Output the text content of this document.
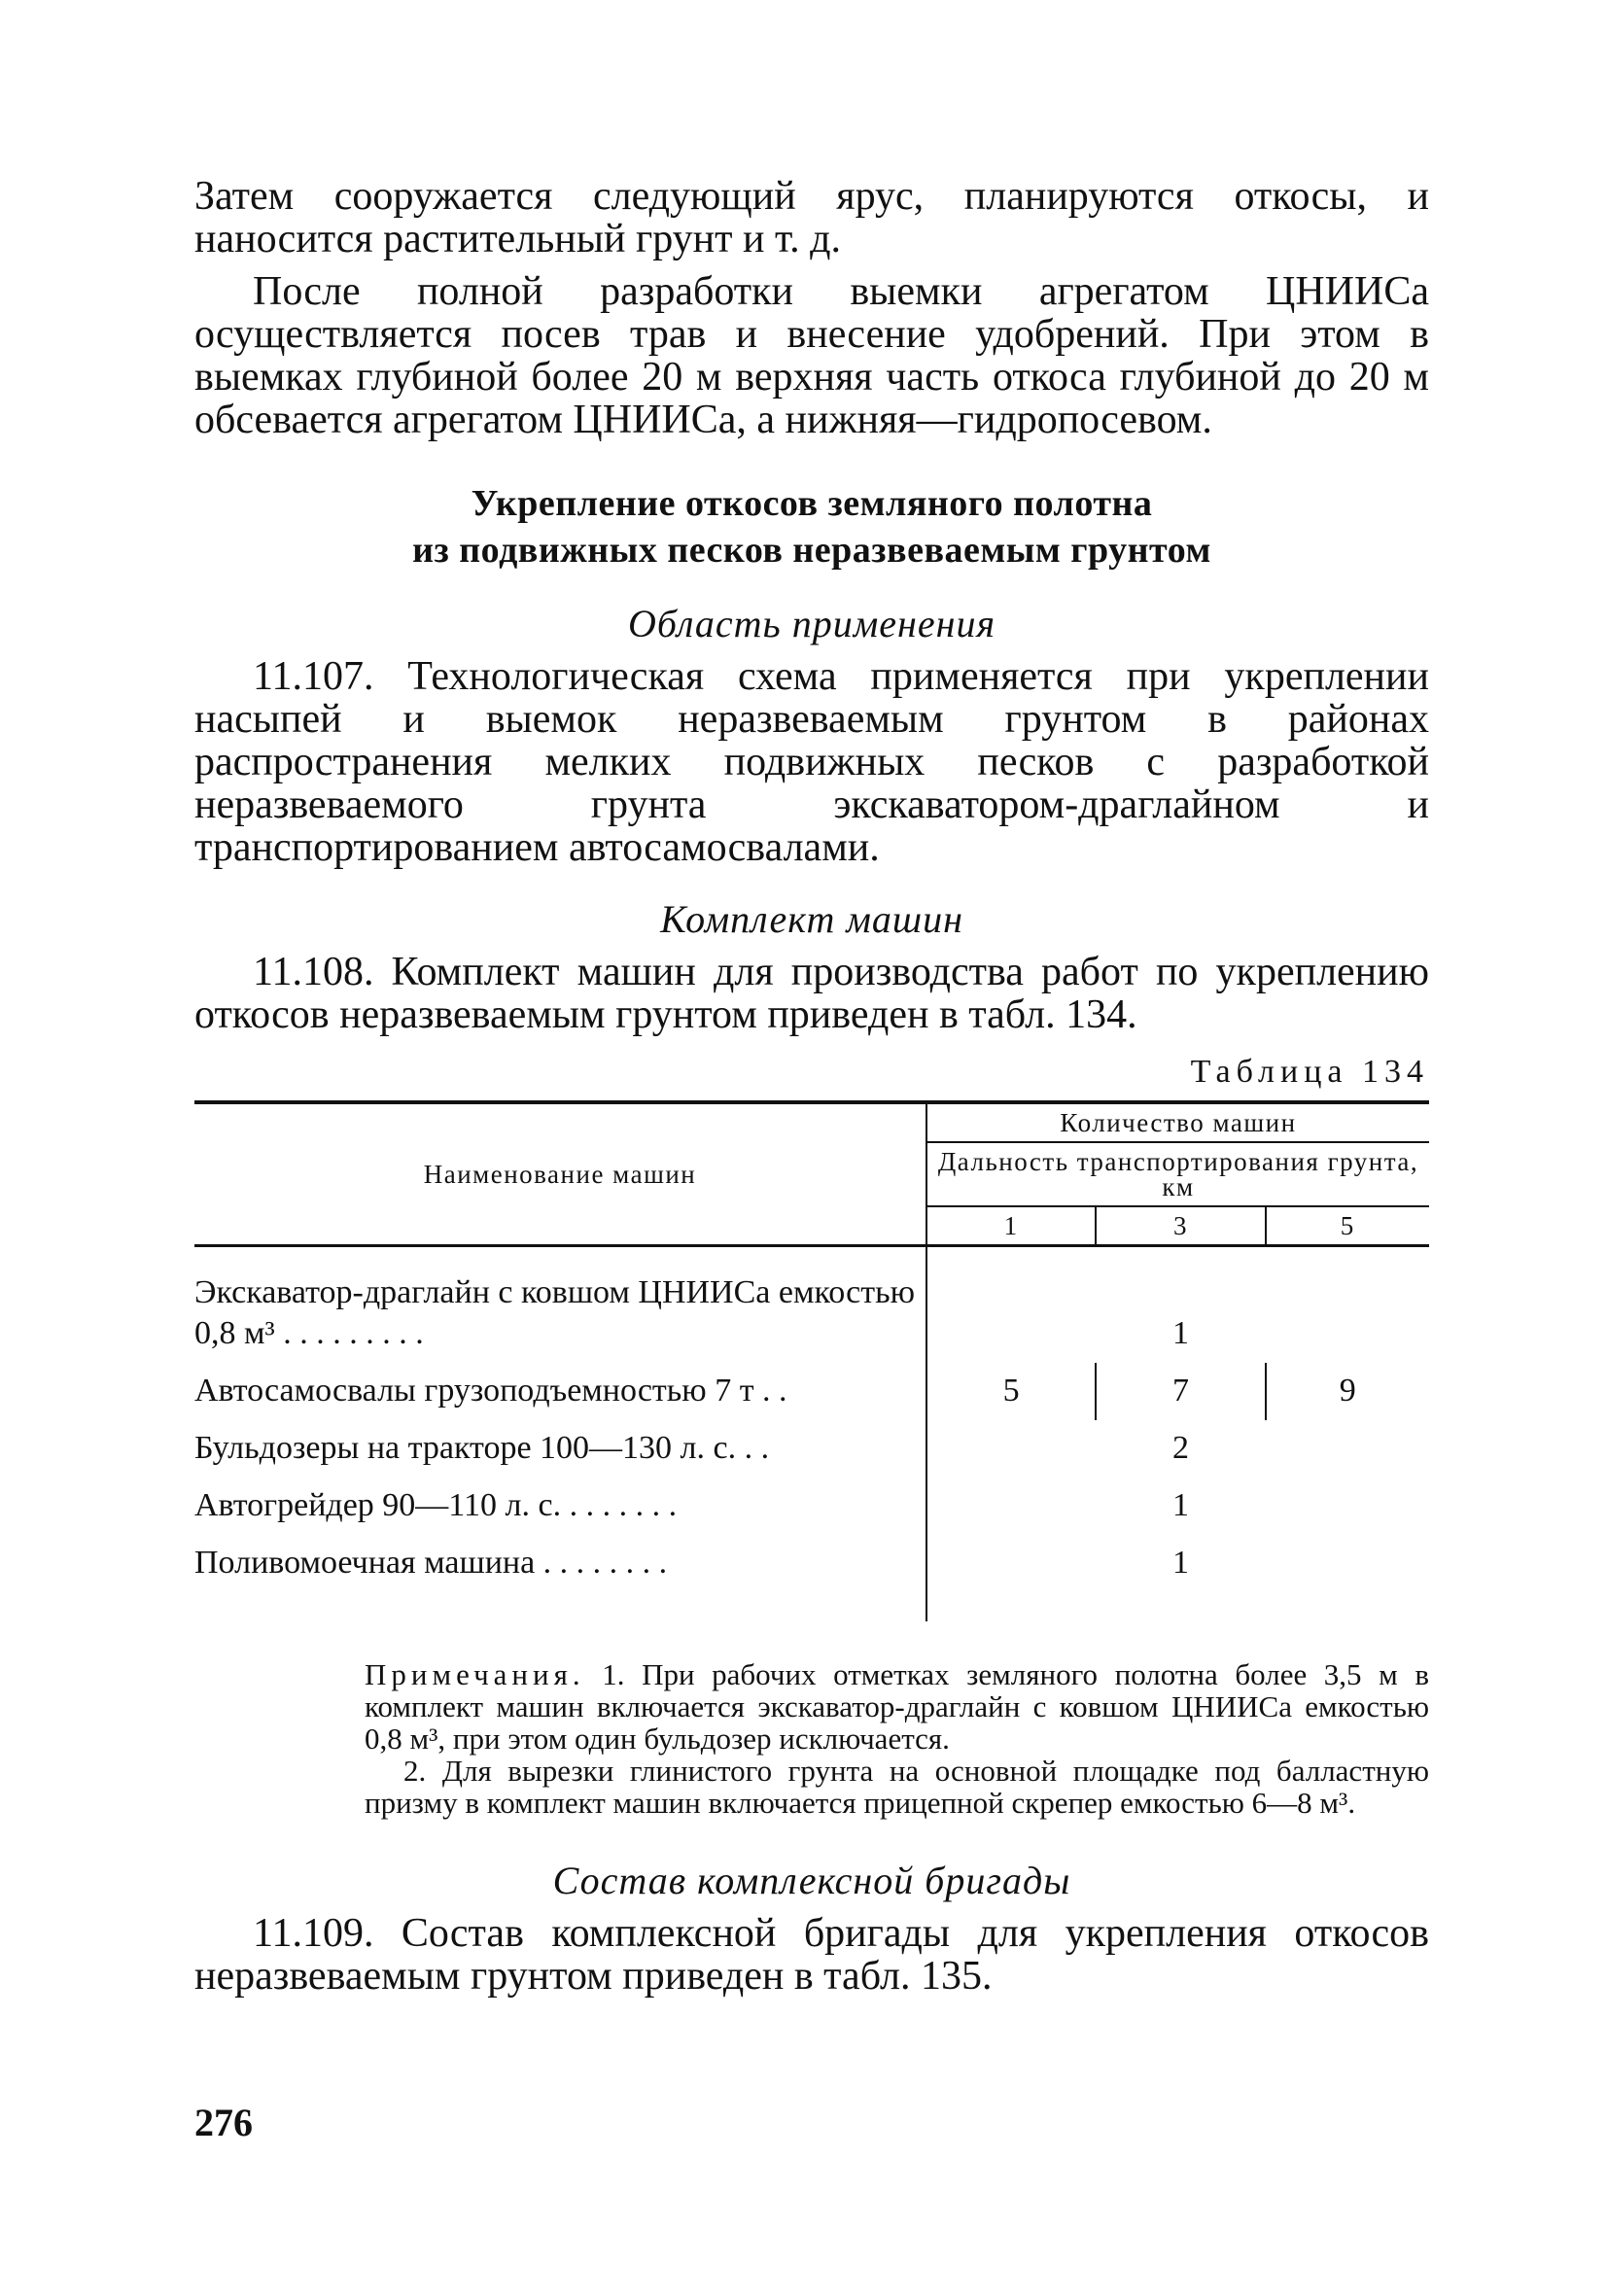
Затем сооружается следующий ярус, планируются откосы, и наносится растительный грунт и т. д.

После полной разработки выемки агрегатом ЦНИИСа осуществляется посев трав и внесение удобрений. При этом в выемках глубиной более 20 м верхняя часть откоса глубиной до 20 м обсевается агрегатом ЦНИИСа, а нижняя—гидропосевом.

Укрепление откосов земляного полотна
из подвижных песков неразвеваемым грунтом
Область применения

11.107. Технологическая схема применяется при укреплении насыпей и выемок неразвеваемым грунтом в районах распространения мелких подвижных песков с разработкой неразвеваемого грунта экскаватором-драглайном и транспортированием автосамосвалами.

Комплект машин

11.108. Комплект машин для производства работ по укреплению откосов неразвеваемым грунтом приведен в табл. 134.

Таблица 134
Наименование машин	Количество машин		
	Дальность транспортирования грунта, км		
	1	3	5

Экскаватор-драглайн с ковшом ЦНИИСа емкостью 0,8 м³ . . . . . . . . .		1	
Автосамосвалы грузоподъемностью 7 т . .	5	7	9
Бульдозеры на тракторе 100—130 л. с. . .		2	
Автогрейдер 90—110 л. с. . . . . . . .		1	
Поливомоечная машина . . . . . . . .		1	

Примечания. 1. При рабочих отметках земляного полотна более 3,5 м в комплект машин включается экскаватор-драглайн с ковшом ЦНИИСа емкостью 0,8 м³, при этом один бульдозер исключается.

2. Для вырезки глинистого грунта на основной площадке под балластную призму в комплект машин включается прицепной скрепер емкостью 6—8 м³.

Состав комплексной бригады

11.109. Состав комплексной бригады для укрепления откосов неразвеваемым грунтом приведен в табл. 135.

276
